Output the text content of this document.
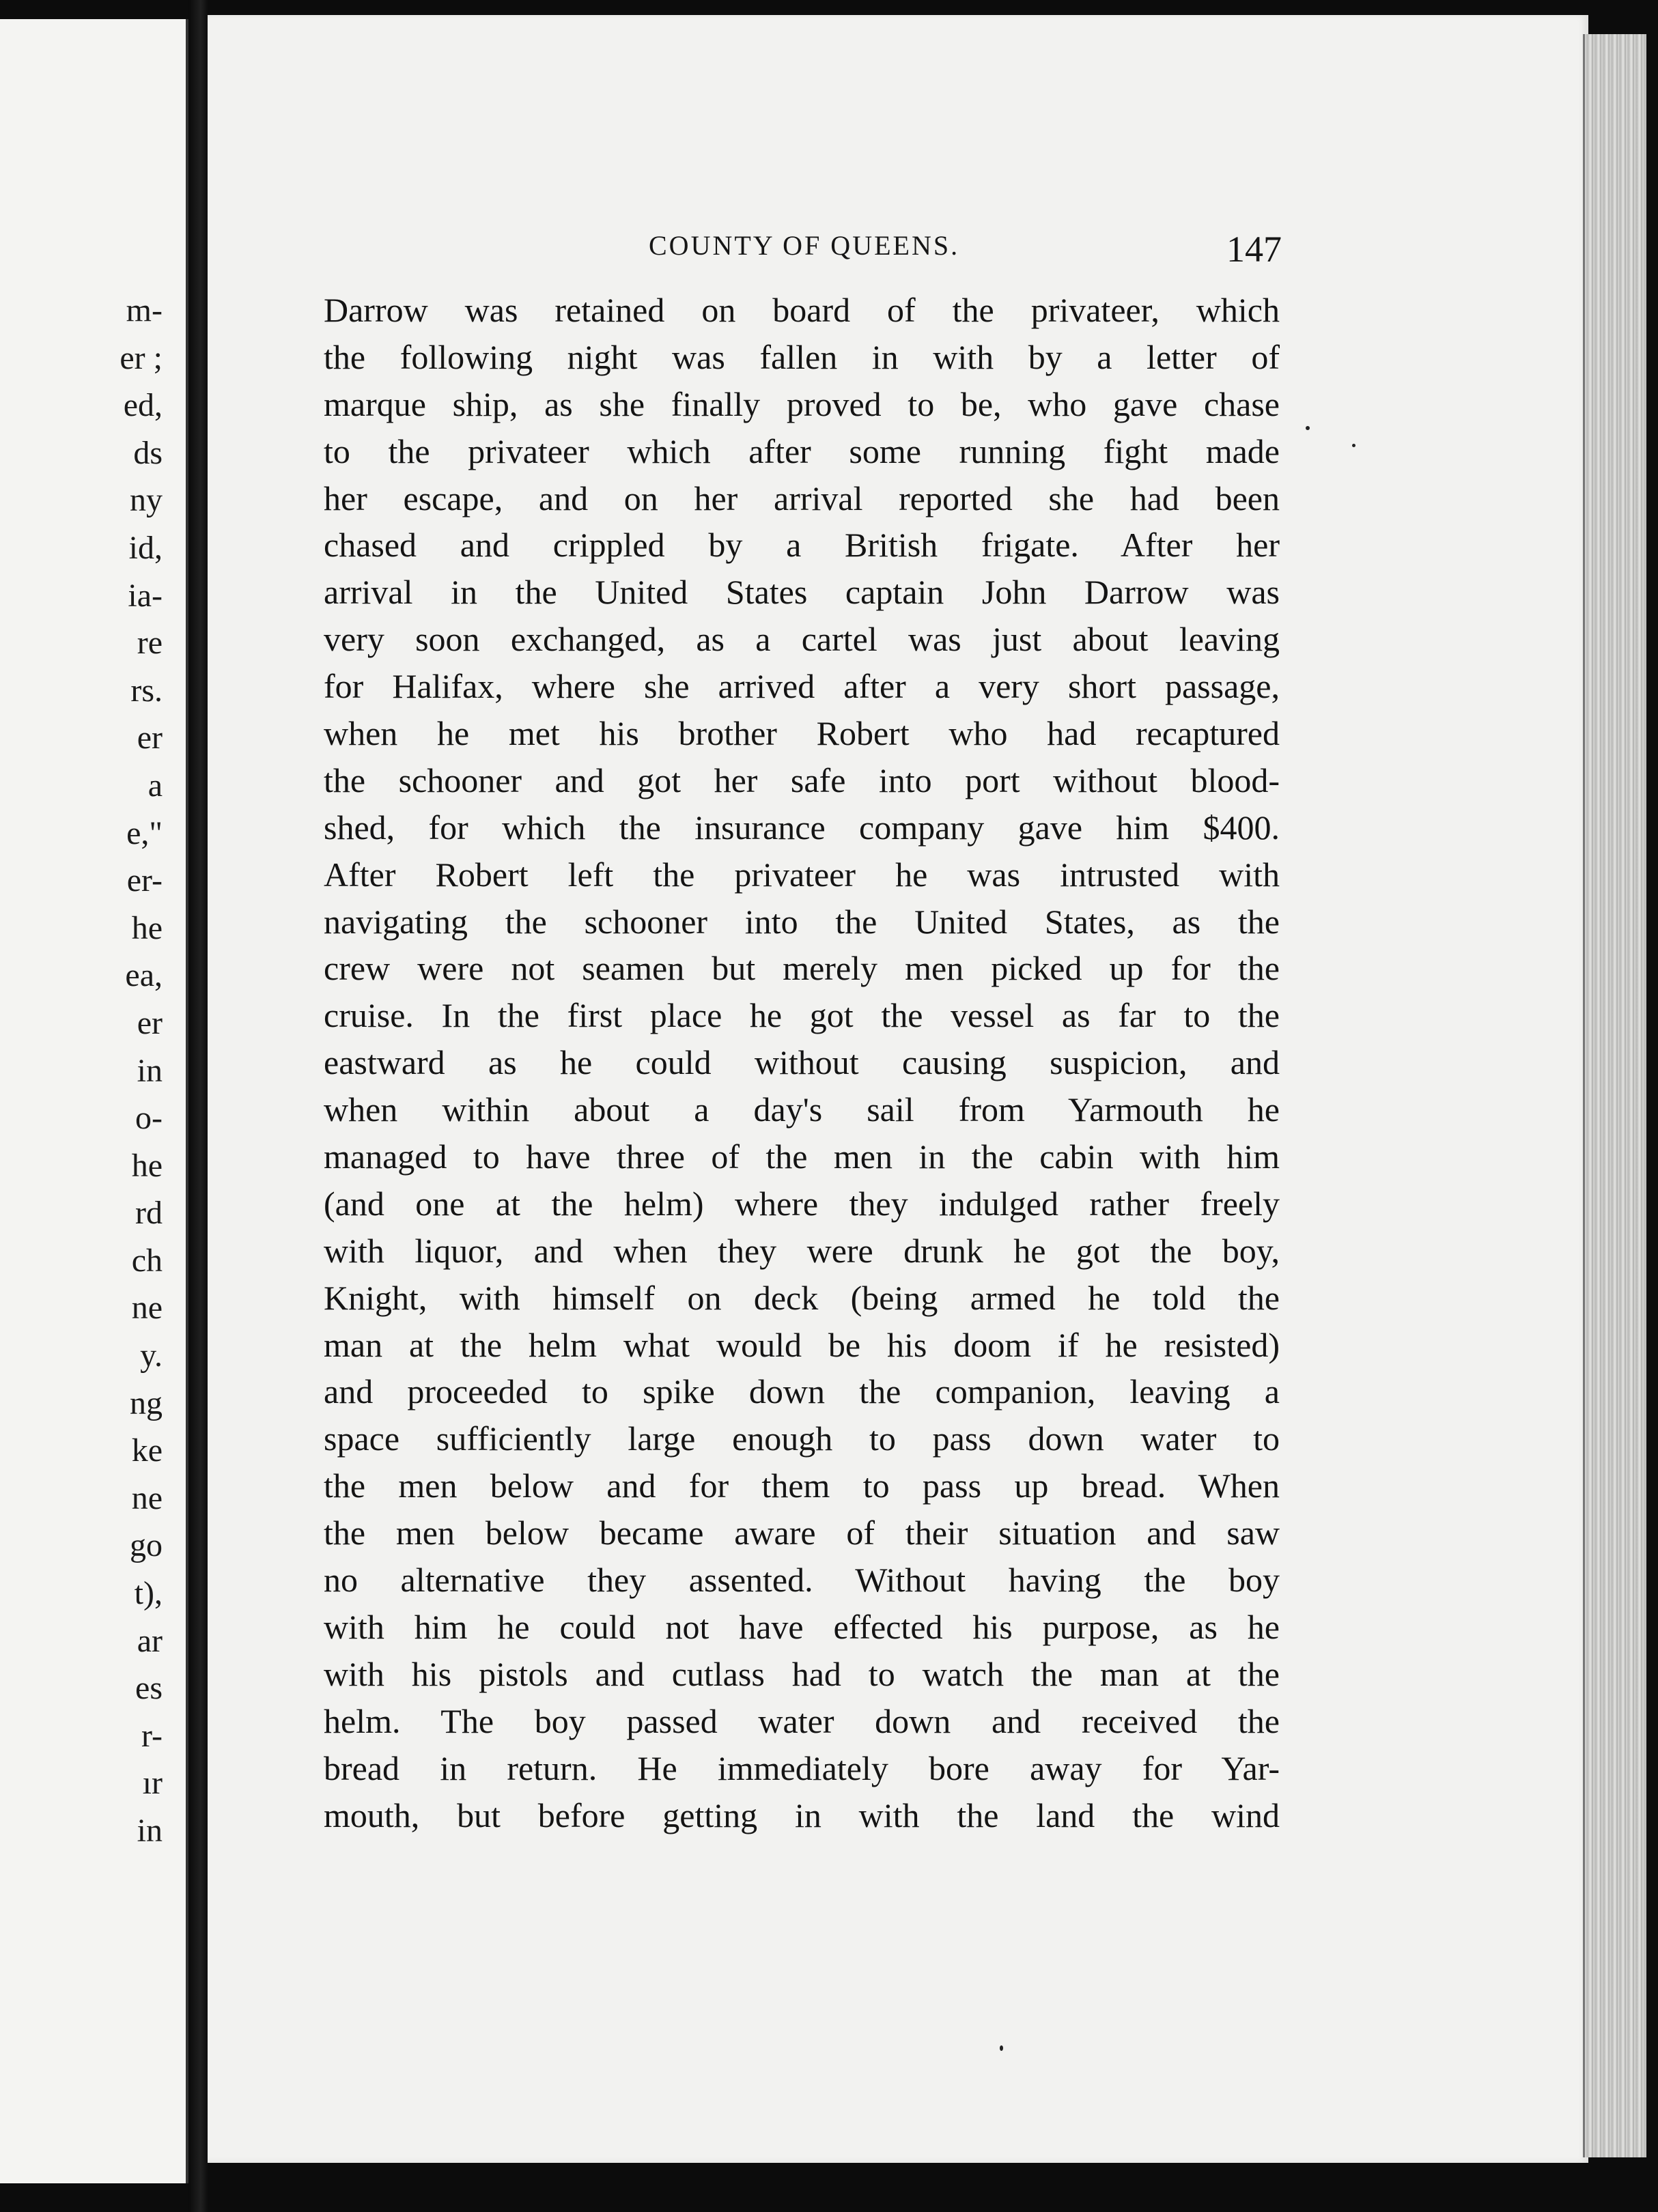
m-
er ;
ed,
ds
ny
id,
ia-
re
rs.
er
a
e,"
er-
he
ea,
er
in
o-
he
rd
ch
ne
y.
ng
ke
ne
go
t),
ar
es
r-
ır
in
COUNTY OF QUEENS.	147
Darrow was retained on board of the privateer, which
the following night was fallen in with by a letter of
marque ship, as she finally proved to be, who gave chase
to the privateer which after some running fight made
her escape, and on her arrival reported she had been
chased and crippled by a British frigate. After her
arrival in the United States captain John Darrow was
very soon exchanged, as a cartel was just about leaving
for Halifax, where she arrived after a very short passage,
when he met his brother Robert who had recaptured
the schooner and got her safe into port without blood-
shed, for which the insurance company gave him $400.
After Robert left the privateer he was intrusted with
navigating the schooner into the United States, as the
crew were not seamen but merely men picked up for the
cruise. In the first place he got the vessel as far to the
eastward as he could without causing suspicion, and
when within about a day's sail from Yarmouth he
managed to have three of the men in the cabin with him
(and one at the helm) where they indulged rather freely
with liquor, and when they were drunk he got the boy,
Knight, with himself on deck (being armed he told the
man at the helm what would be his doom if he resisted)
and proceeded to spike down the companion, leaving a
space sufficiently large enough to pass down water to
the men below and for them to pass up bread. When
the men below became aware of their situation and saw
no alternative they assented. Without having the boy
with him he could not have effected his purpose, as he
with his pistols and cutlass had to watch the man at the
helm. The boy passed water down and received the
bread in return. He immediately bore away for Yar-
mouth, but before getting in with the land the wind
